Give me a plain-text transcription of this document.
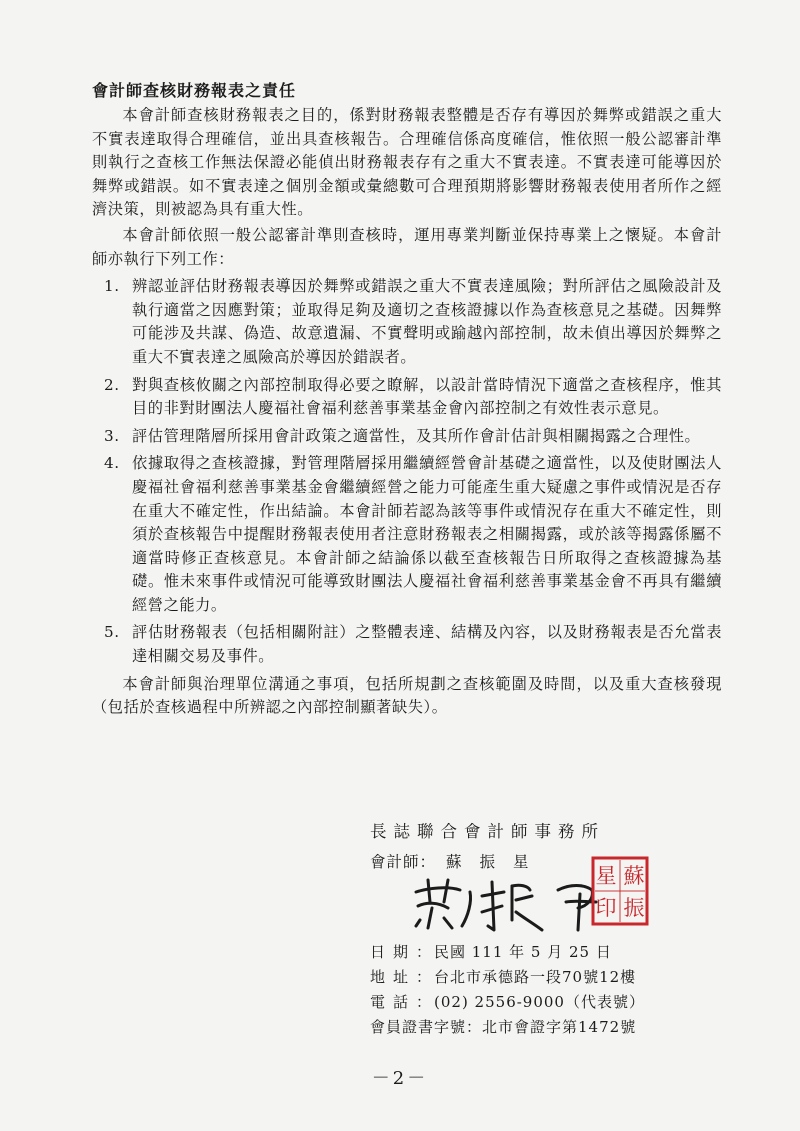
會計師查核財務報表之責任

本會計師查核財務報表之目的，係對財務報表整體是否存有導因於舞弊或錯誤之重大不實表達取得合理確信，並出具查核報告。合理確信係高度確信，惟依照一般公認審計準則執行之查核工作無法保證必能偵出財務報表存有之重大不實表達。不實表達可能導因於舞弊或錯誤。如不實表達之個別金額或彙總數可合理預期將影響財務報表使用者所作之經濟決策，則被認為具有重大性。

本會計師依照一般公認審計準則查核時，運用專業判斷並保持專業上之懷疑。本會計師亦執行下列工作：

1. 辨認並評估財務報表導因於舞弊或錯誤之重大不實表達風險；對所評估之風險設計及執行適當之因應對策；並取得足夠及適切之查核證據以作為查核意見之基礎。因舞弊可能涉及共謀、偽造、故意遺漏、不實聲明或踰越內部控制，故未偵出導因於舞弊之重大不實表達之風險高於導因於錯誤者。
2. 對與查核攸關之內部控制取得必要之瞭解，以設計當時情況下適當之查核程序，惟其目的非對財團法人慶福社會福利慈善事業基金會內部控制之有效性表示意見。
3. 評估管理階層所採用會計政策之適當性，及其所作會計估計與相關揭露之合理性。
4. 依據取得之查核證據，對管理階層採用繼續經營會計基礎之適當性，以及使財團法人慶福社會福利慈善事業基金會繼續經營之能力可能產生重大疑慮之事件或情況是否存在重大不確定性，作出結論。本會計師若認為該等事件或情況存在重大不確定性，則須於查核報告中提醒財務報表使用者注意財務報表之相關揭露，或於該等揭露係屬不適當時修正查核意見。本會計師之結論係以截至查核報告日所取得之查核證據為基礎。惟未來事件或情況可能導致財團法人慶福社會福利慈善事業基金會不再具有繼續經營之能力。
5. 評估財務報表（包括相關附註）之整體表達、結構及內容，以及財務報表是否允當表達相關交易及事件。

本會計師與治理單位溝通之事項，包括所規劃之查核範圍及時間，以及重大查核發現（包括於查核過程中所辨認之內部控制顯著缺失）。

長誌聯合會計師事務所
會計師： 蘇振星
蘇
振
星
印
日期：民國 111 年 5 月 25 日
地址：台北市承德路一段70號12樓
電話：(02) 2556-9000（代表號）
會員證書字號：北市會證字第1472號
－2－
